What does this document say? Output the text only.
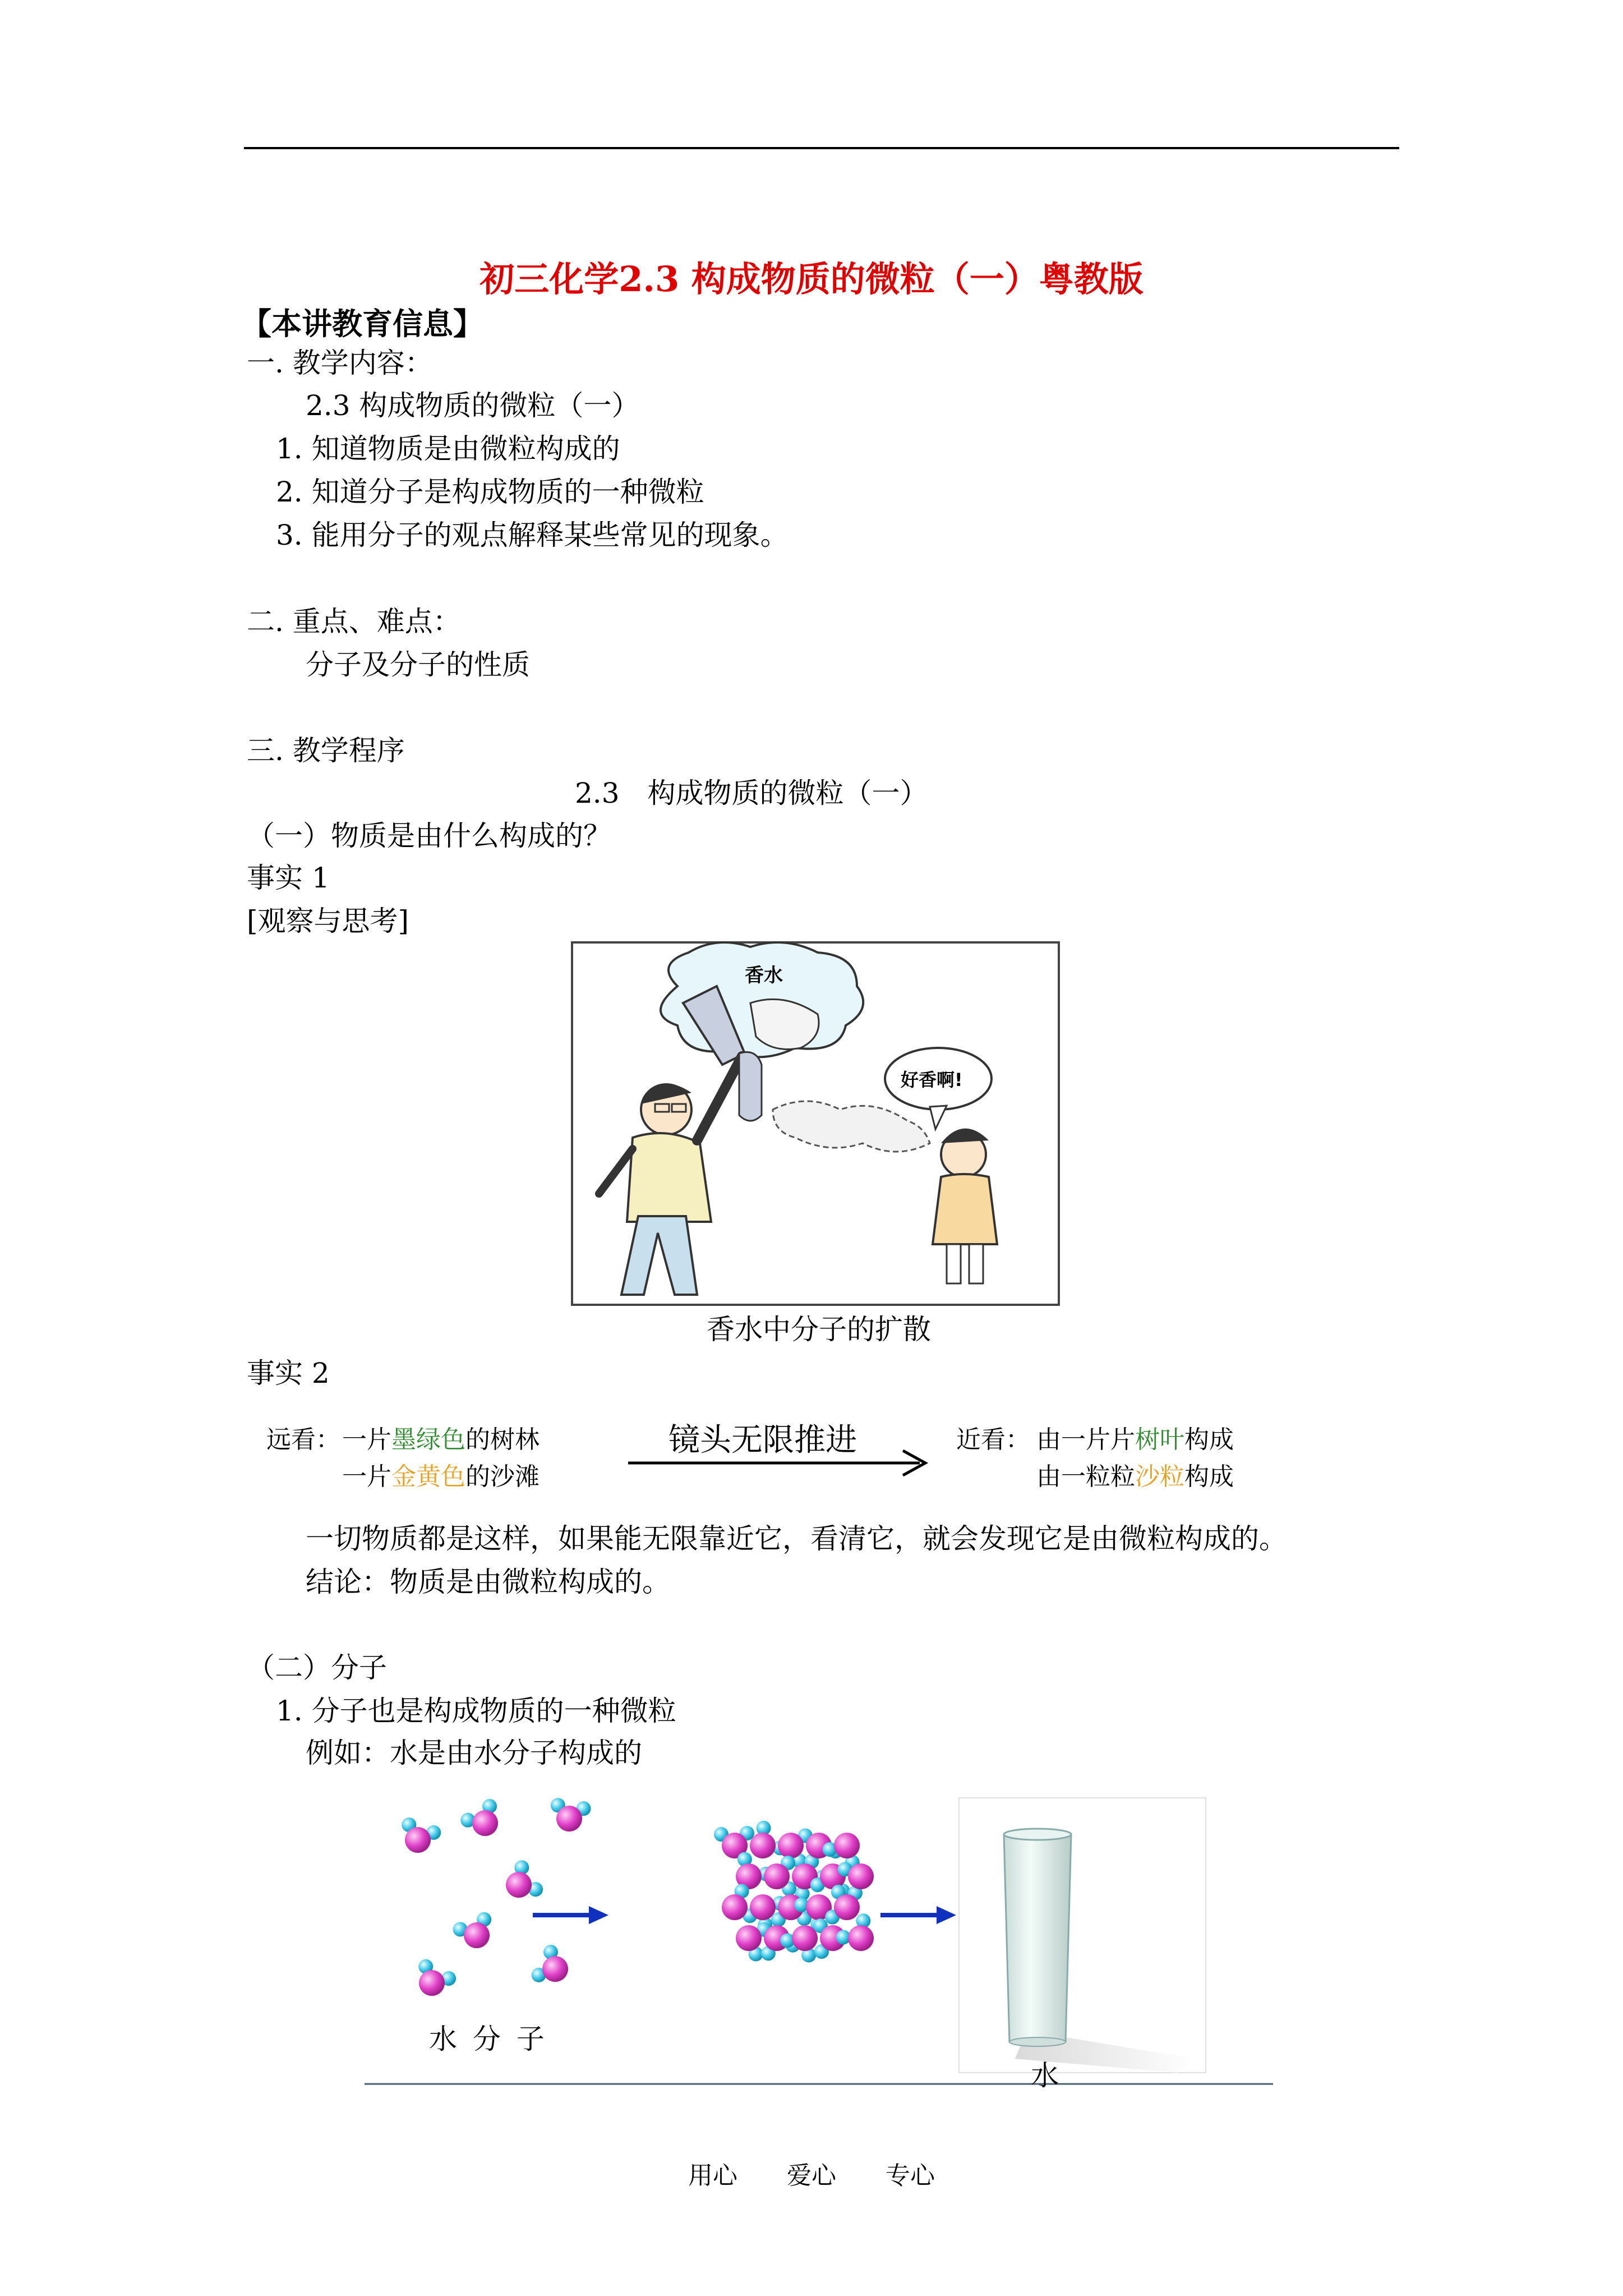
初三化学2.3 构成物质的微粒（一）粤教版
【本讲教育信息】
一. 教学内容：
2.3 构成物质的微粒（一）
1. 知道物质是由微粒构成的
2. 知道分子是构成物质的一种微粒
3. 能用分子的观点解释某些常见的现象。
二. 重点、难点：
分子及分子的性质
三. 教学程序
2.3　构成物质的微粒（一）
（一）物质是由什么构成的？
事实 1
[观察与思考]
香水
好香啊!
香水中分子的扩散
事实 2
远看： 一片墨绿色的树林
一片金黄色的沙滩
镜头无限推进	近看： 由一片片树叶构成
由一粒粒沙粒构成
一切物质都是这样，如果能无限靠近它，看清它，就会发现它是由微粒构成的。
结论：物质是由微粒构成的。
（二）分子
1. 分子也是构成物质的一种微粒
例如：水是由水分子构成的
水 分 子
水
用心　　爱心　　专心
